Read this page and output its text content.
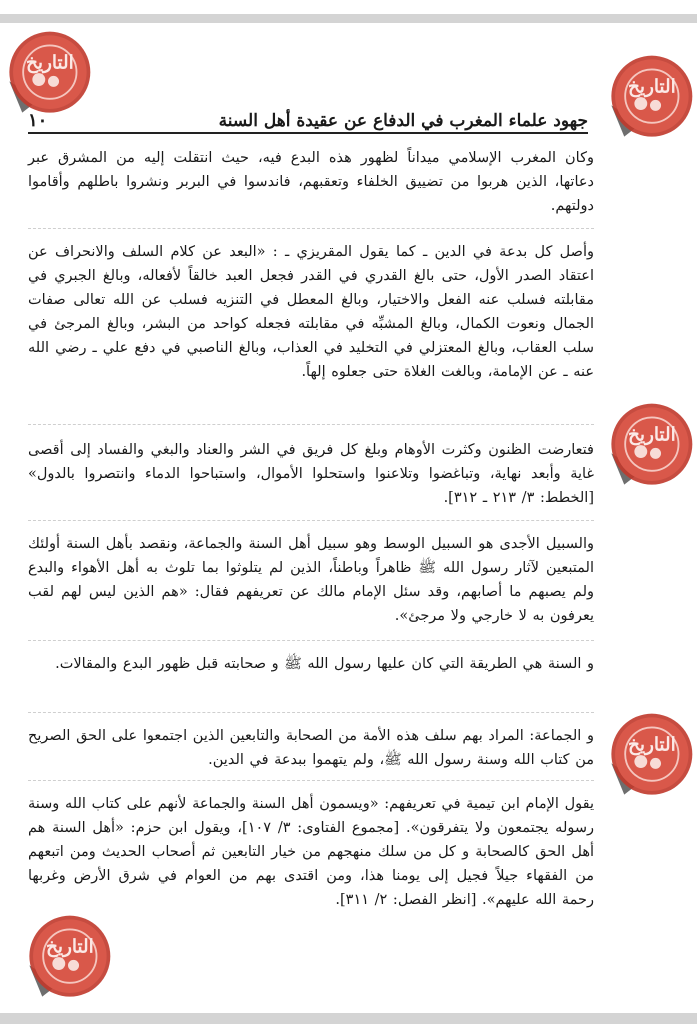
التاريخ
التاريخ
التاريخ
التاريخ
التاريخ
جهود علماء المغرب في الدفاع عن عقيدة أهل السنة
١٠

وكان المغرب الإسلامي ميداناً لظهور هذه البدع فيه، حيث انتقلت إليه من المشرق عبر دعاتها، الذين هربوا من تضييق الخلفاء وتعقبهم، فاندسوا في البربر ونشروا باطلهم وأقاموا دولتهم.

وأصل كل بدعة في الدين ـ كما يقول المقريزي ـ : «البعد عن كلام السلف والانحراف عن اعتقاد الصدر الأول، حتى بالغ القدري في القدر فجعل العبد خالقاً لأفعاله، وبالغ الجبري في مقابلته فسلب عنه الفعل والاختيار، وبالغ المعطل في التنزيه فسلب عن الله تعالى صفات الجمال ونعوت الكمال، وبالغ المشبِّه في مقابلته فجعله كواحد من البشر، وبالغ المرجئ في سلب العقاب، وبالغ المعتزلي في التخليد في العذاب، وبالغ الناصبي في دفع علي ـ رضي الله عنه ـ عن الإمامة، وبالغت الغلاة حتى جعلوه إلهاً.

فتعارضت الظنون وكثرت الأوهام وبلغ كل فريق في الشر والعناد والبغي والفساد إلى أقصى غاية وأبعد نهاية، وتباغضوا وتلاعنوا واستحلوا الأموال، واستباحوا الدماء وانتصروا بالدول» [الخطط: ٣/ ٢١٣ ـ ٣١٢].

والسبيل الأجدى هو السبيل الوسط وهو سبيل أهل السنة والجماعة، ونقصد بأهل السنة أولئك المتبعين لآثار رسول الله ﷺ ظاهراً وباطناً، الذين لم يتلوثوا بما تلوث به أهل الأهواء والبدع ولم يصبهم ما أصابهم، وقد سئل الإمام مالك عن تعريفهم فقال: «هم الذين ليس لهم لقب يعرفون به لا خارجي ولا مرجئ».

و السنة هي الطريقة التي كان عليها رسول الله ﷺ و صحابته قبل ظهور البدع والمقالات.

و الجماعة: المراد بهم سلف هذه الأمة من الصحابة والتابعين الذين اجتمعوا على الحق الصريح من كتاب الله وسنة رسول الله ﷺ، ولم يتهموا ببدعة في الدين.

يقول الإمام ابن تيمية في تعريفهم: «ويسمون أهل السنة والجماعة لأنهم على كتاب الله وسنة رسوله يجتمعون ولا يتفرقون». [مجموع الفتاوى: ٣/ ١٠٧]، ويقول ابن حزم: «أهل السنة هم أهل الحق كالصحابة و كل من سلك منهجهم من خيار التابعين ثم أصحاب الحديث ومن اتبعهم من الفقهاء جيلاً فجيل إلى يومنا هذا، ومن اقتدى بهم من العوام في شرق الأرض وغربها رحمة الله عليهم». [انظر الفصل: ٢/ ٣١١].
